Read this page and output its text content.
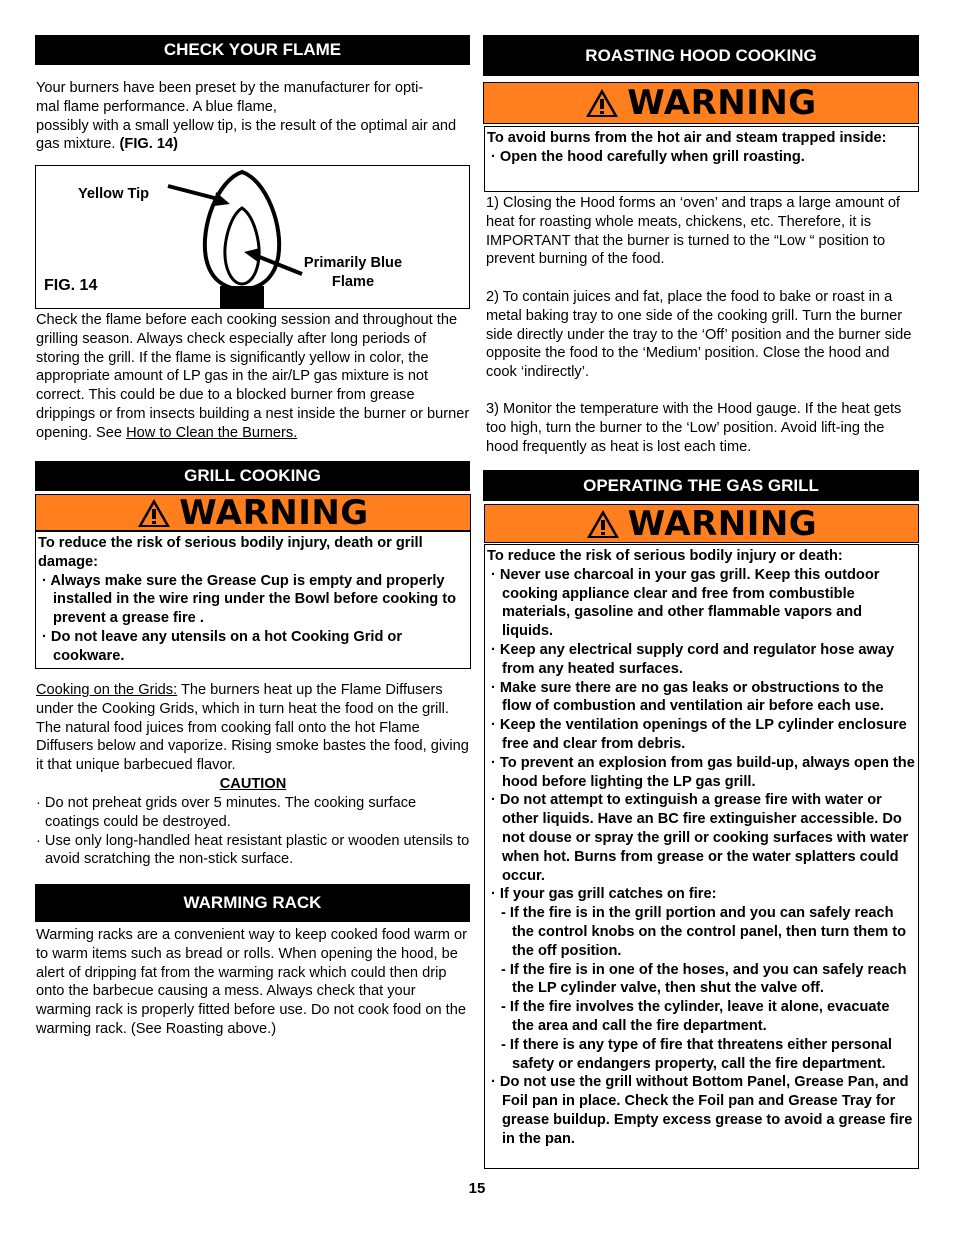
CHECK YOUR FLAME
Your burners have been preset by the manufacturer for opti-
mal flame performance. A blue flame,
possibly with a small yellow tip, is the result of the optimal air and gas mixture. (FIG. 14)
Yellow Tip
Primarily Blue Flame
FIG. 14
Check the flame before each cooking session and throughout the grilling season. Always check especially after long periods of storing the grill. If the flame is significantly yellow in color, the appropriate amount of LP gas in the air/LP gas mixture is not correct. This could be due to a blocked burner from grease drippings or from insects building a nest inside the burner or burner opening. See How to Clean the Burners.
GRILL COOKING
WARNING
To reduce the risk of serious bodily injury, death or grill damage:
· Always make sure the Grease Cup is empty and properly installed in the wire ring under the Bowl before cooking to prevent a grease fire .
· Do not leave any utensils on a hot Cooking Grid or cookware.
Cooking on the Grids: The burners heat up the Flame Diffusers under the Cooking Grids, which in turn heat the food on the grill. The natural food juices from cooking fall onto the hot Flame Diffusers below and vaporize. Rising smoke bastes the food, giving it that unique barbecued flavor.
CAUTION
· Do not preheat grids over 5 minutes. The cooking surface coatings could be destroyed.
· Use only long-handled heat resistant plastic or wooden utensils to avoid scratching the non-stick surface.
WARMING RACK
Warming racks are a convenient way to keep cooked food warm or to warm items such as bread or rolls. When opening the hood, be alert of dripping fat from the warming rack which could then drip onto the barbecue causing a mess. Always check that your warming rack is properly fitted before use. Do not cook food on the warming rack. (See Roasting above.)
ROASTING HOOD COOKING
WARNING
To avoid burns from the hot air and steam trapped inside:
· Open the hood carefully when grill roasting.
1) Closing the Hood forms an ‘oven’ and traps a large amount of heat for roasting whole meats, chickens, etc. Therefore, it is IMPORTANT that the burner is turned to the “Low “ position to prevent burning of the food.
2) To contain juices and fat, place the food to bake or roast in a metal baking tray to one side of the cooking grill. Turn the burner side directly under the tray to the ‘Off’ position and the burner side opposite the food to the ‘Medium’ position. Close the hood and cook ‘indirectly’.
3) Monitor the temperature with the Hood gauge. If the heat gets too high, turn the burner to the ‘Low’ position. Avoid lift-ing the hood frequently as heat is lost each time.
OPERATING THE GAS GRILL
WARNING
To reduce the risk of serious bodily injury or death:
· Never use charcoal in your gas grill. Keep this outdoor cooking appliance clear and free from combustible materials, gasoline and other flammable vapors and liquids.
· Keep any electrical supply cord and regulator hose away from any heated surfaces.
· Make sure there are no gas leaks or obstructions to the flow of combustion and ventilation air before each use.
· Keep the ventilation openings of the LP cylinder enclosure free and clear from debris.
· To prevent an explosion from gas build-up, always open the hood before lighting the LP gas grill.
· Do not attempt to extinguish a grease fire with water or other liquids. Have an BC fire extinguisher accessible. Do not douse or spray the grill or cooking surfaces with water when hot. Burns from grease or the water splatters could occur.
· If your gas grill catches on fire:
- If the fire is in the grill portion and you can safely reach the control knobs on the control panel, then turn them to the off position.
- If the fire is in one of the hoses, and you can safely reach the LP cylinder valve, then shut the valve off.
- If the fire involves the cylinder, leave it alone, evacuate the area and call the fire department.
- If there is any type of fire that threatens either personal safety or endangers property, call the fire department.
· Do not use the grill without Bottom Panel, Grease Pan, and Foil pan in place. Check the Foil pan and Grease Tray for grease buildup. Empty excess grease to avoid a grease fire in the pan.
15
